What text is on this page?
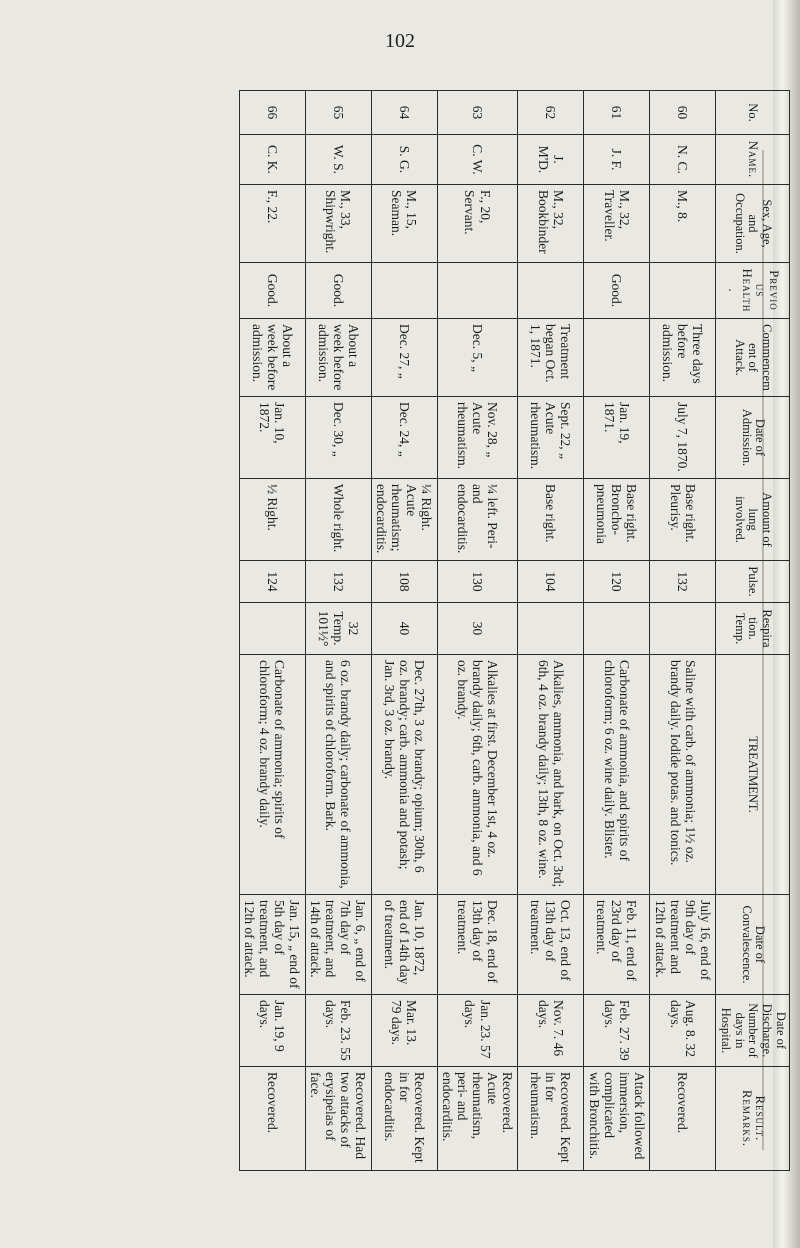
102
No.	Name.	Sex, Age, and Occupation.	Previous Health.	Commencement of Attack.	Date of Admission.	Amount of lung involved.	Pulse.	Respiration. Temp.	TREATMENT.	Date of Convalescence.	Date of Discharge. Number of days in Hospital.	Result. Remarks.
60	N. C.	M., 8.		Three days before admission.	July 7, 1870.	Base right. Pleurisy.	132		Saline with carb. of ammonia; 1½ oz. brandy daily. Iodide potas. and tonics.	July 16, end of 9th day of treatment and 12th of attack.	Aug. 8. 32 days.	Recovered.
61	J. F.	M., 32, Traveller.	Good.		Jan. 19, 1871.	Base right. Broncho-pneumonia	120		Carbonate of ammonia, and spirits of chloroform; 6 oz. wine daily. Blister.	Feb. 11, end of 23rd day of treatment.	Feb. 27. 39 days.	Attack followed immersion, complicated with Bronchitis.
62	J. M'D.	M., 32, Bookbinder		Treatment began Oct. 1, 1871.	Sept. 22, „ Acute rheumatism.	Base right.	104		Alkalies, ammonia, and bark, on Oct. 3rd; 6th, 4 oz. brandy daily; 13th, 8 oz. wine.	Oct. 13, end of 13th day of treatment.	Nov. 7. 46 days.	Recovered. Kept in for rheumatism.
63	C. W.	F., 20, Servant.		Dec. 5, „	Nov. 28, „ Acute rheumatism.	¼ left. Peri- and endocarditis.	130	30	Alkalies at first. December 1st, 4 oz. brandy daily; 6th, carb. ammonia, and 6 oz. brandy.	Dec. 18, end of 13th day of treatment.	Jan. 23. 57 days.	Recovered. Acute rheumatism, peri- and endocarditis.
64	S. G.	M., 15, Seaman.		Dec. 27, „	Dec. 24, „	¼ Right. Acute rheumatism; endocarditis.	108	40	Dec. 27th, 3 oz. brandy; opium; 30th, 6 oz. brandy; carb. ammonia and potash; Jan. 3rd, 3 oz. brandy.	Jan. 10, 1872, end of 14th day of treatment.	Mar. 13. 79 days.	Recovered. Kept in for endocarditis.
65	W. S.	M., 33, Shipwright.	Good.	About a week before admission.	Dec. 30, „	Whole right.	132	32 Temp. 101½°	6 oz. brandy daily; carbonate of ammonia, and spirits of chloroform. Bark.	Jan. 6, „ end of 7th day of treatment, and 14th of attack.	Feb. 23. 55 days.	Recovered. Had two attacks of erysipelas of face.
66	C. K.	F., 22.	Good.	About a week before admission.	Jan. 10, 1872.	½ Right.	124		Carbonate of ammonia; spirits of chloroform; 4 oz. brandy daily.	Jan. 15, „ end of 5th day of treatment, and 12th of attack.	Jan. 19, 9 days.	Recovered.
